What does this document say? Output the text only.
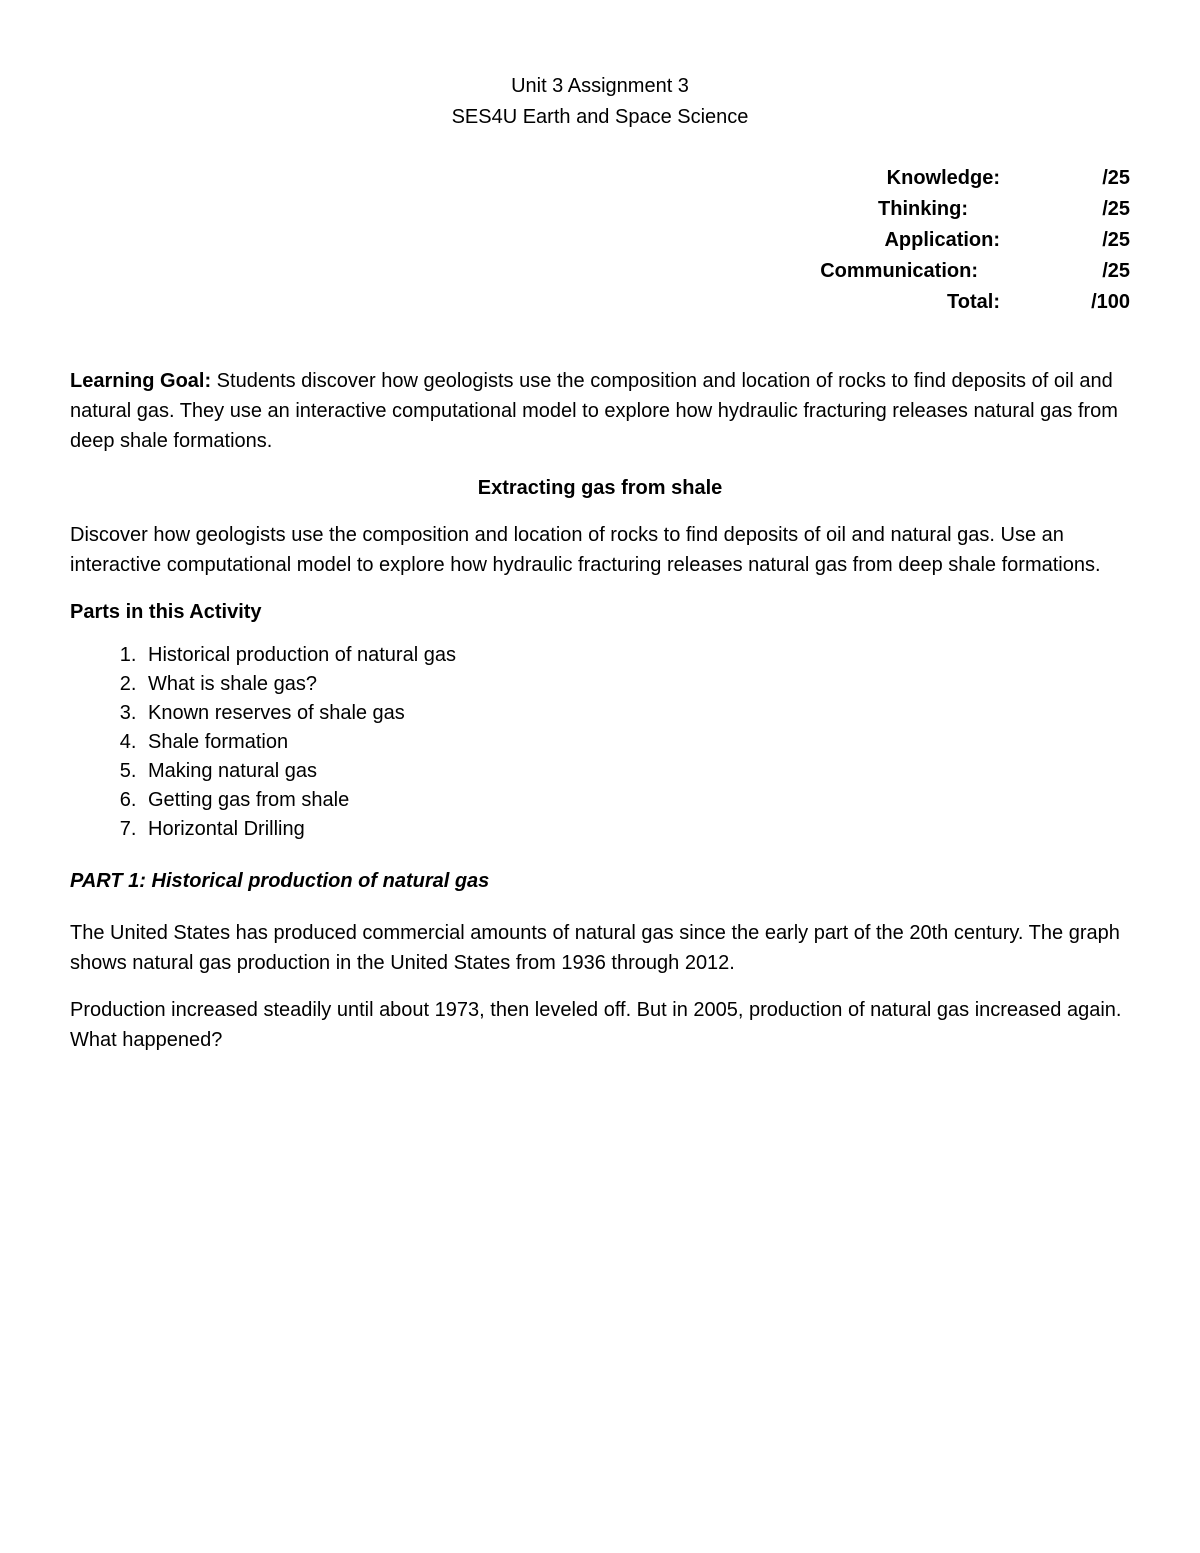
Unit 3 Assignment 3
SES4U Earth and Space Science
Knowledge:	/25
Thinking:	/25
Application:	/25
Communication:	/25
Total:	/100

Learning Goal: Students discover how geologists use the composition and location of rocks to find deposits of oil and natural gas. They use an interactive computational model to explore how hydraulic fracturing releases natural gas from deep shale formations.

Extracting gas from shale

Discover how geologists use the composition and location of rocks to find deposits of oil and natural gas. Use an interactive computational model to explore how hydraulic fracturing releases natural gas from deep shale formations.

Parts in this Activity

1. Historical production of natural gas
2. What is shale gas?
3. Known reserves of shale gas
4. Shale formation
5. Making natural gas
6. Getting gas from shale
7. Horizontal Drilling

PART 1: Historical production of natural gas

The United States has produced commercial amounts of natural gas since the early part of the 20th century. The graph shows natural gas production in the United States from 1936 through 2012.

Production increased steadily until about 1973, then leveled off. But in 2005, production of natural gas increased again. What happened?
